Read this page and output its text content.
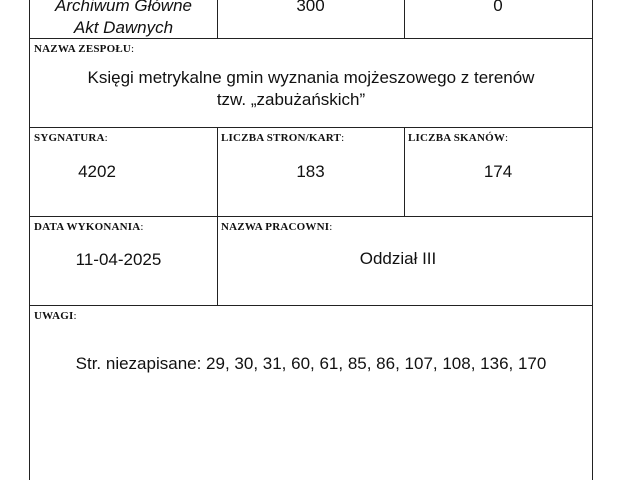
Archiwum Główne
Akt Dawnych
300	0
NAZWA ZESPOŁU:
Księgi metrykalne gmin wyznania mojżeszowego z terenów
tzw. „zabużańskich”
SYGNATURA:
4202
LICZBA STRON/KART:
183
LICZBA SKANÓW:
174
DATA WYKONANIA:
11-04-2025
NAZWA PRACOWNI:
Oddział III
UWAGI:
Str. niezapisane: 29, 30, 31, 60, 61, 85, 86, 107, 108, 136, 170
